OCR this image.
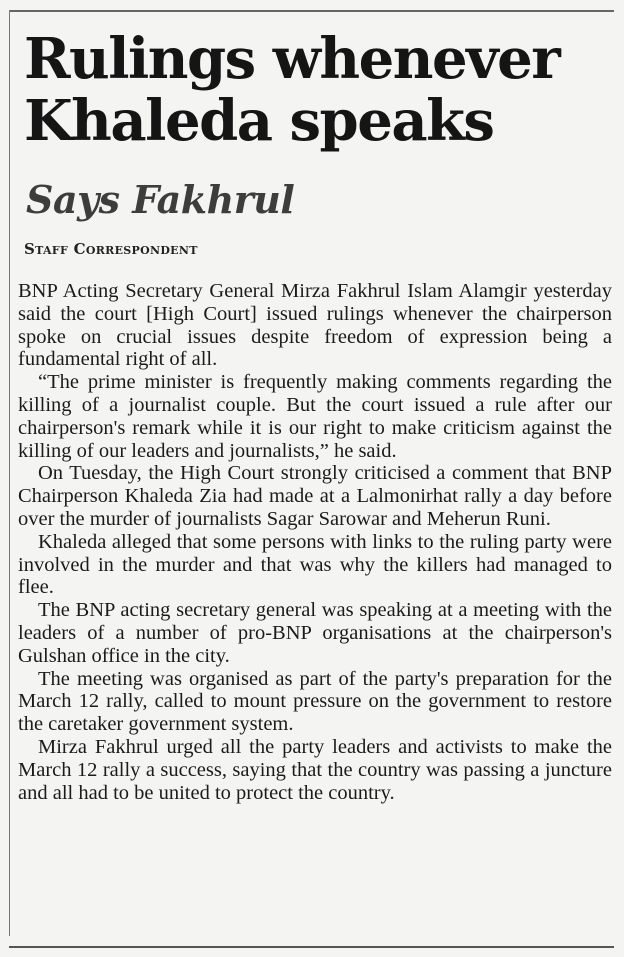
Rulings whenever
Khaleda speaks
Says Fakhrul
Staff Correspondent

BNP Acting Secretary General Mirza Fakhrul Islam Alamgir yesterday said the court [High Court] issued rulings whenever the chairperson spoke on crucial issues despite freedom of expression being a fundamental right of all.

“The prime minister is frequently making comments regarding the killing of a journalist couple. But the court issued a rule after our chairperson's remark while it is our right to make criticism against the killing of our leaders and journalists,” he said.

On Tuesday, the High Court strongly criticised a comment that BNP Chairperson Khaleda Zia had made at a Lalmonirhat rally a day before over the murder of journalists Sagar Sarowar and Meherun Runi.

Khaleda alleged that some persons with links to the ruling party were involved in the murder and that was why the killers had managed to flee.

The BNP acting secretary general was speaking at a meeting with the leaders of a number of pro-BNP organisations at the chairperson's Gulshan office in the city.

The meeting was organised as part of the party's preparation for the March 12 rally, called to mount pressure on the government to restore the caretaker government system.

Mirza Fakhrul urged all the party leaders and activists to make the March 12 rally a success, saying that the country was passing a juncture and all had to be united to protect the country.
